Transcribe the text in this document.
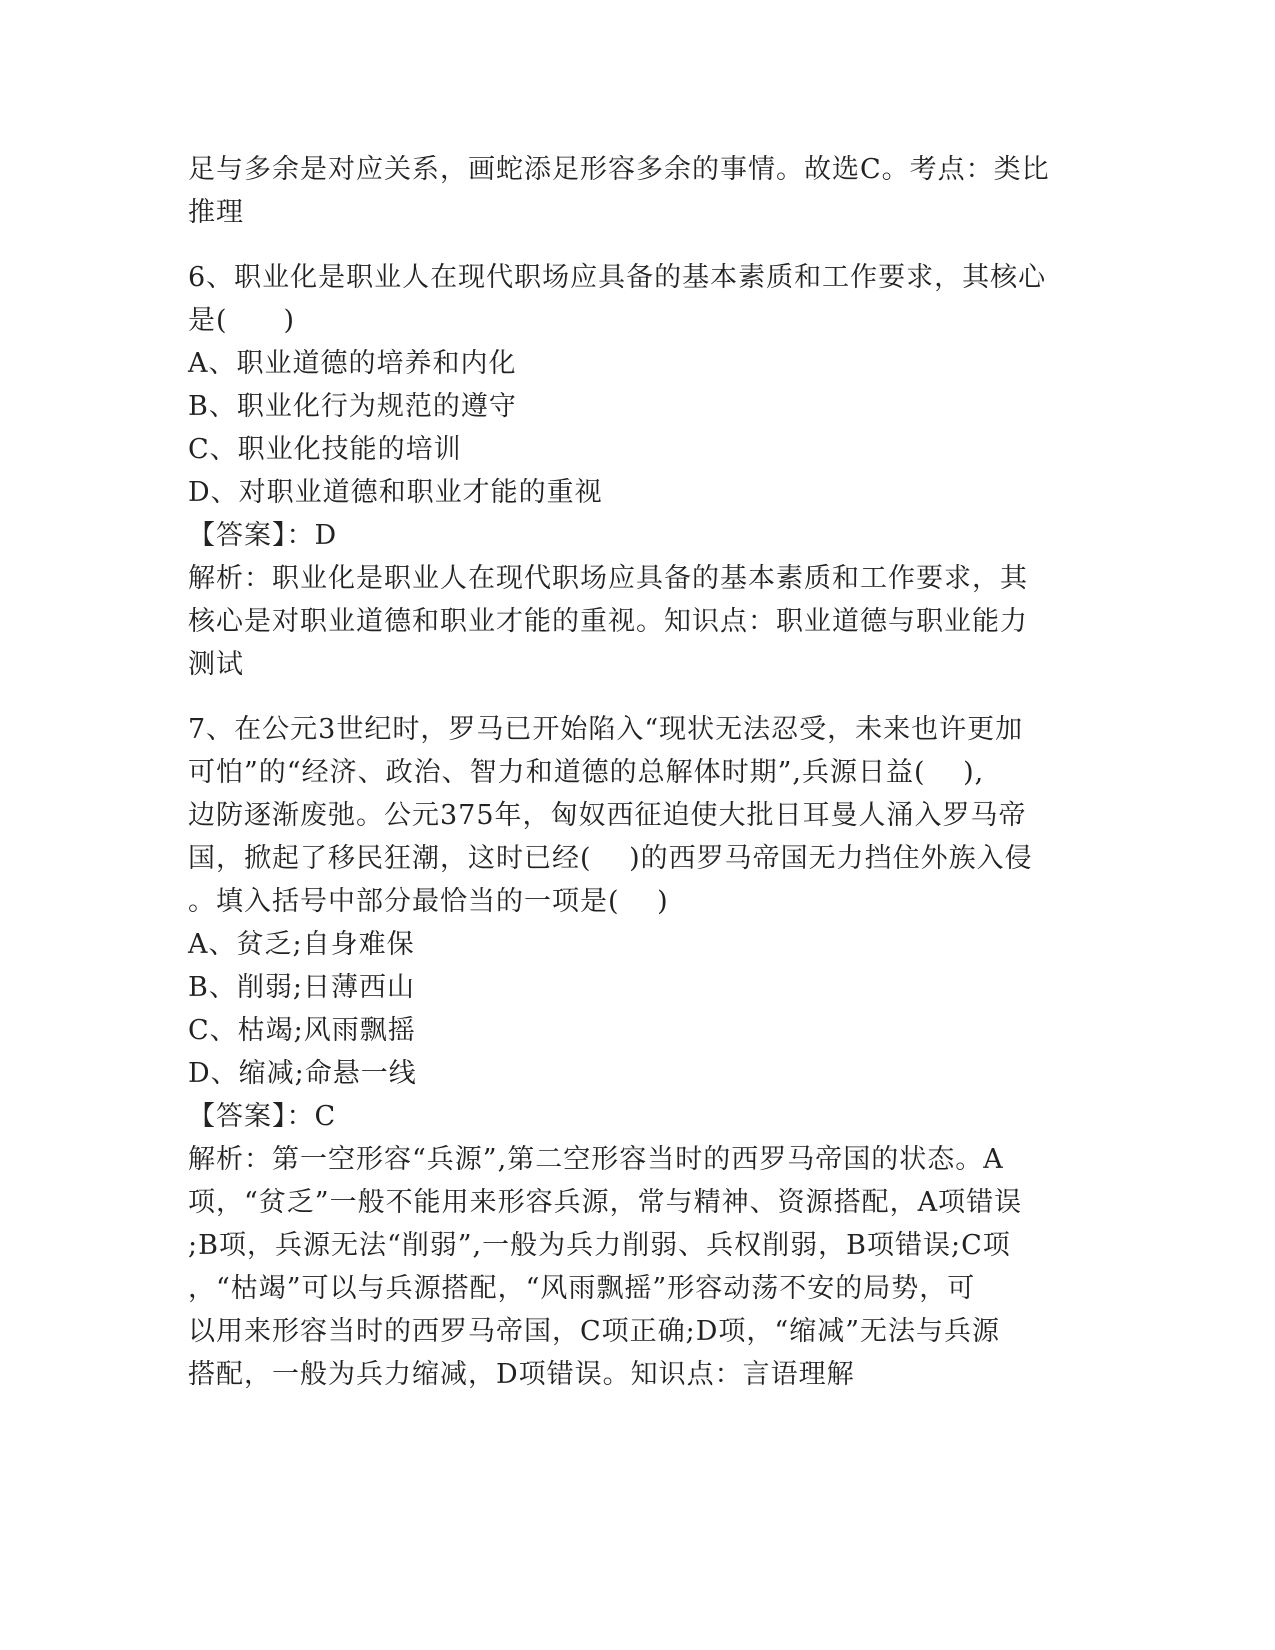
足与多余是对应关系，画蛇添足形容多余的事情。故选C。考点：类比
推理
6、职业化是职业人在现代职场应具备的基本素质和工作要求，其核心
是(　　)
A、职业道德的培养和内化
B、职业化行为规范的遵守
C、职业化技能的培训
D、对职业道德和职业才能的重视
【答案】：D
解析：职业化是职业人在现代职场应具备的基本素质和工作要求，其
核心是对职业道德和职业才能的重视。知识点：职业道德与职业能力
测试
7、在公元3世纪时，罗马已开始陷入“现状无法忍受，未来也许更加
可怕”的“经济、政治、智力和道德的总解体时期”,兵源日益(　 ),
边防逐渐废弛。公元375年，匈奴西征迫使大批日耳曼人涌入罗马帝
国，掀起了移民狂潮，这时已经(　 )的西罗马帝国无力挡住外族入侵
。填入括号中部分最恰当的一项是(　 )
A、贫乏;自身难保
B、削弱;日薄西山
C、枯竭;风雨飘摇
D、缩减;命悬一线
【答案】：C
解析：第一空形容“兵源”,第二空形容当时的西罗马帝国的状态。A
项，“贫乏”一般不能用来形容兵源，常与精神、资源搭配，A项错误
;B项，兵源无法“削弱”,一般为兵力削弱、兵权削弱，B项错误;C项
，“枯竭”可以与兵源搭配，“风雨飘摇”形容动荡不安的局势，可
以用来形容当时的西罗马帝国，C项正确;D项，“缩减”无法与兵源
搭配，一般为兵力缩减，D项错误。知识点：言语理解
